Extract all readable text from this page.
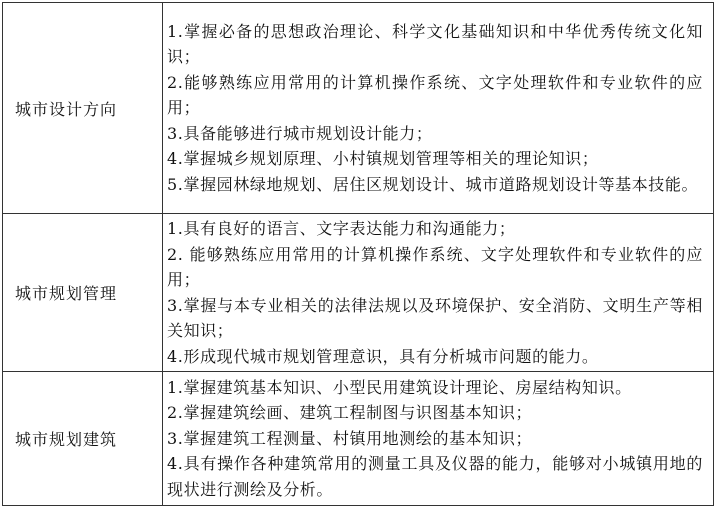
城市设计方向	1.掌握必备的思想政治理论、科学文化基础知识和中华优秀传统文化知识；
2.能够熟练应用常用的计算机操作系统、文字处理软件和专业软件的应用；
3.具备能够进行城市规划设计能力；
4.掌握城乡规划原理、小村镇规划管理等相关的理论知识；
5.掌握园林绿地规划、居住区规划设计、城市道路规划设计等基本技能。

城市规划管理	1.具有良好的语言、文字表达能力和沟通能力；
2. 能够熟练应用常用的计算机操作系统、文字处理软件和专业软件的应用；
3.掌握与本专业相关的法律法规以及环境保护、安全消防、文明生产等相关知识；
4.形成现代城市规划管理意识，具有分析城市问题的能力。

城市规划建筑	1.掌握建筑基本知识、小型民用建筑设计理论、房屋结构知识。
2.掌握建筑绘画、建筑工程制图与识图基本知识；
3.掌握建筑工程测量、村镇用地测绘的基本知识；
4.具有操作各种建筑常用的测量工具及仪器的能力，能够对小城镇用地的现状进行测绘及分析。
